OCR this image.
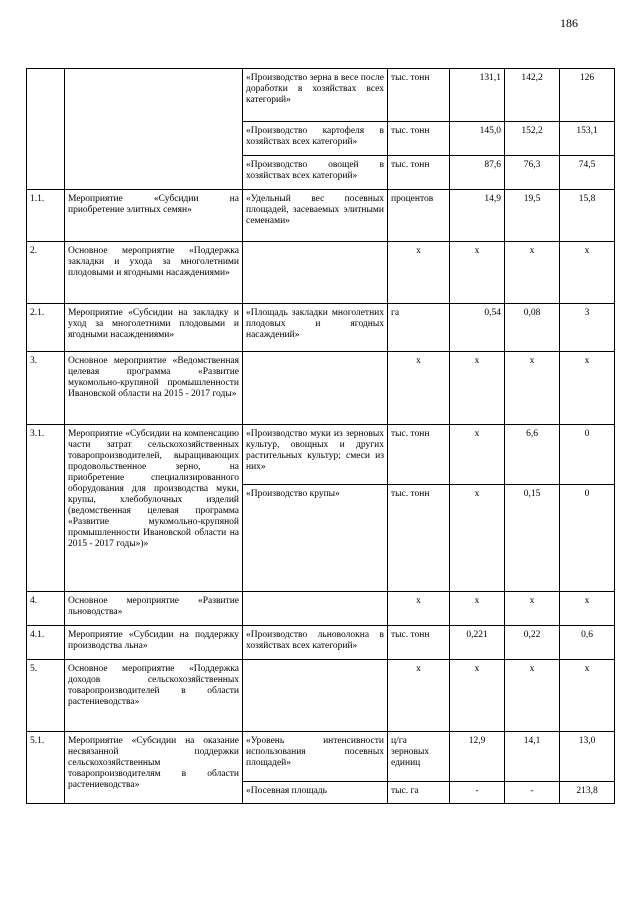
186
		«Производство зерна в весе после доработки в хозяйствах всех категорий»	тыс. тонн	131,1	142,2	126
		«Производство картофеля в хозяйствах всех категорий»	тыс. тонн	145,0	152,2	153,1
		«Производство овощей в хозяйствах всех категорий»	тыс. тонн	87,6	76,3	74,5
1.1.	Мероприятие «Субсидии на приобретение элитных семян»	«Удельный вес посевных площадей, засеваемых элитными семенами»	процентов	14,9	19,5	15,8
2.	Основное мероприятие «Поддержка закладки и ухода за многолетними плодовыми и ягодными насаждениями»		х	х	х	х
2.1.	Мероприятие «Субсидии на закладку и уход за многолетними плодовыми и ягодными насаждениями»	«Площадь закладки многолетних плодовых и ягодных насаждений»	га	0,54	0,08	3
3.	Основное мероприятие «Ведомственная целевая программа «Развитие мукомольно-крупяной промышленности Ивановской области на 2015 - 2017 годы»		х	х	х	х
3.1.	Мероприятие «Субсидии на компенсацию части затрат сельскохозяйственных товаропроизводителей, выращивающих продовольственное зерно, на приобретение специализированного оборудования для производства муки, крупы, хлебобулочных изделий (ведомственная целевая программа «Развитие мукомольно-крупяной промышленности Ивановской области на 2015 - 2017 годы»)»	«Производство муки из зерновых культур, овощных и других растительных культур; смеси из них»	тыс. тонн	х	6,6	0
		«Производство крупы»	тыс. тонн	х	0,15	0
4.	Основное мероприятие «Развитие льноводства»		х	х	х	х
4.1.	Мероприятие «Субсидии на поддержку производства льна»	«Производство льноволокна в хозяйствах всех категорий»	тыс. тонн	0,221	0,22	0,6
5.	Основное мероприятие «Поддержка доходов сельскохозяйственных товаропроизводителей в области растениеводства»		х	х	х	х
5.1.	Мероприятие «Субсидии на оказание несвязанной поддержки сельскохозяйственным товаропроизводителям в области растениеводства»	«Уровень интенсивности использования посевных площадей»	ц/га зерновых единиц	12,9	14,1	13,0
		«Посевная площадь	тыс. га	-	-	213,8
